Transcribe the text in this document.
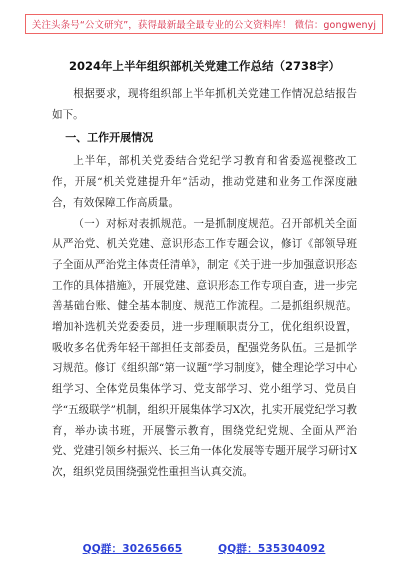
关注头条号“公文研究”，获得最新最全最专业的公文资料库！ 微信：gongwenyj
2024年上半年组织部机关党建工作总结（2738字）

根据要求，现将组织部上半年抓机关党建工作情况总结报告如下。

一、工作开展情况

上半年，部机关党委结合党纪学习教育和省委巡视整改工作，开展“机关党建提升年”活动，推动党建和业务工作深度融合，有效保障工作高质量。

（一）对标对表抓规范。一是抓制度规范。召开部机关全面从严治党、机关党建、意识形态工作专题会议，修订《部领导班子全面从严治党主体责任清单》，制定《关于进一步加强意识形态工作的具体措施》，开展党建、意识形态工作专项自查，进一步完善基础台账、健全基本制度、规范工作流程。二是抓组织规范。增加补选机关党委委员，进一步理顺职责分工，优化组织设置，吸收多名优秀年轻干部担任支部委员，配强党务队伍。三是抓学习规范。修订《组织部“第一议题”学习制度》，健全理论学习中心组学习、全体党员集体学习、党支部学习、党小组学习、党员自学“五级联学”机制，组织开展集体学习X次，扎实开展党纪学习教育，举办读书班，开展警示教育，围绕党纪党规、全面从严治党、党建引领乡村振兴、长三角一体化发展等专题开展学习研讨X次，组织党员围绕强党性重担当认真交流。

QQ群：30265665	QQ群：535304092
